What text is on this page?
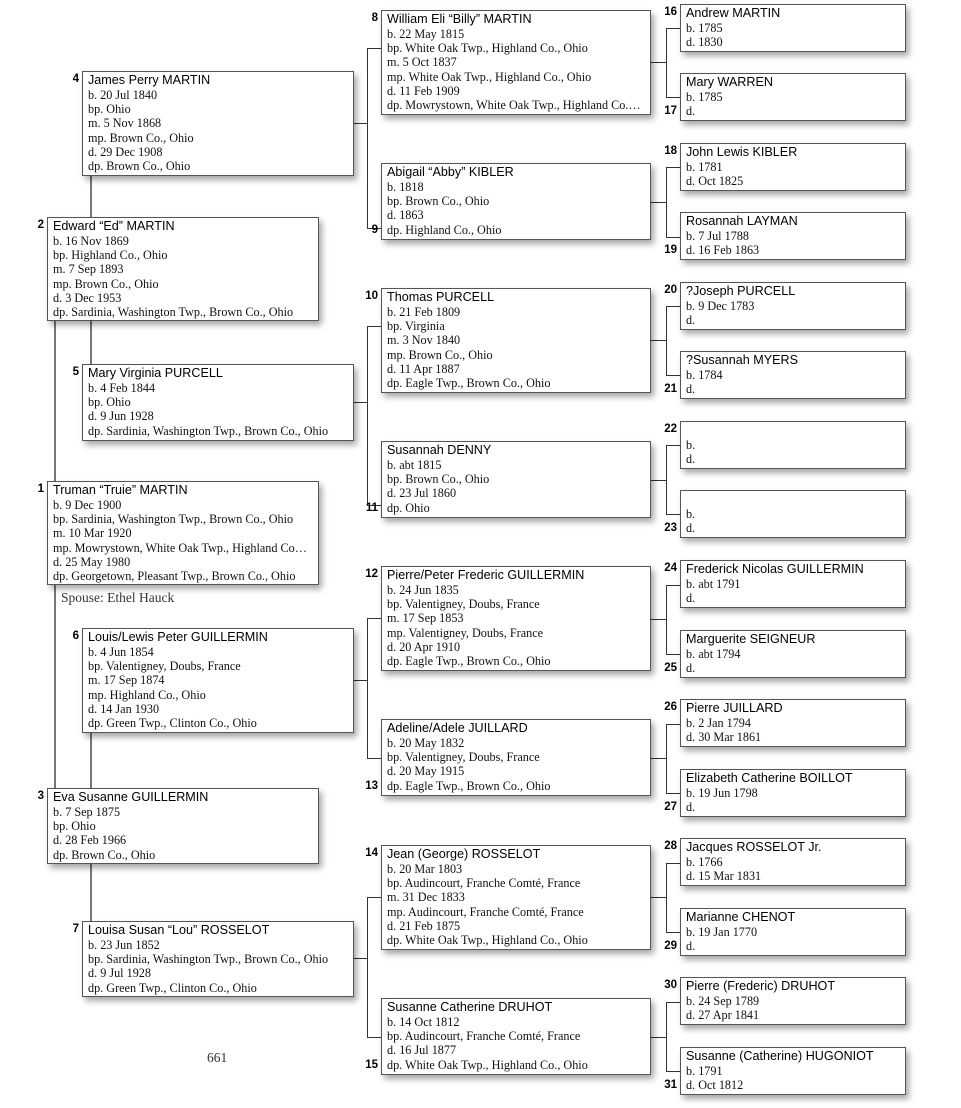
Truman “Truie” MARTIN
b. 9 Dec 1900
bp. Sardinia, Washington Twp., Brown Co., Ohio
m. 10 Mar 1920
mp. Mowrystown, White Oak Twp., Highland Co…
d. 25 May 1980
dp. Georgetown, Pleasant Twp., Brown Co., Ohio
1
Edward “Ed” MARTIN
b. 16 Nov 1869
bp. Highland Co., Ohio
m. 7 Sep 1893
mp. Brown Co., Ohio
d. 3 Dec 1953
dp. Sardinia, Washington Twp., Brown Co., Ohio
2
Eva Susanne GUILLERMIN
b. 7 Sep 1875
bp. Ohio
d. 28 Feb 1966
dp. Brown Co., Ohio
3
James Perry MARTIN
b. 20 Jul 1840
bp. Ohio
m. 5 Nov 1868
mp. Brown Co., Ohio
d. 29 Dec 1908
dp. Brown Co., Ohio
4
Mary Virginia PURCELL
b. 4 Feb 1844
bp. Ohio
d. 9 Jun 1928
dp. Sardinia, Washington Twp., Brown Co., Ohio
5
Louis/Lewis Peter GUILLERMIN
b. 4 Jun 1854
bp. Valentigney, Doubs, France
m. 17 Sep 1874
mp. Highland Co., Ohio
d. 14 Jan 1930
dp. Green Twp., Clinton Co., Ohio
6
Louisa Susan “Lou” ROSSELOT
b. 23 Jun 1852
bp. Sardinia, Washington Twp., Brown Co., Ohio
d. 9 Jul 1928
dp. Green Twp., Clinton Co., Ohio
7
William Eli “Billy” MARTIN
b. 22 May 1815
bp. White Oak Twp., Highland Co., Ohio
m. 5 Oct 1837
mp. White Oak Twp., Highland Co., Ohio
d. 11 Feb 1909
dp. Mowrystown, White Oak Twp., Highland Co.…
8
Abigail “Abby” KIBLER
b. 1818
bp. Brown Co., Ohio
d. 1863
dp. Highland Co., Ohio
9
Thomas PURCELL
b. 21 Feb 1809
bp. Virginia
m. 3 Nov 1840
mp. Brown Co., Ohio
d. 11 Apr 1887
dp. Eagle Twp., Brown Co., Ohio
10
Susannah DENNY
b. abt 1815
bp. Brown Co., Ohio
d. 23 Jul 1860
dp. Ohio
11
Pierre/Peter Frederic GUILLERMIN
b. 24 Jun 1835
bp. Valentigney, Doubs, France
m. 17 Sep 1853
mp. Valentigney, Doubs, France
d. 20 Apr 1910
dp. Eagle Twp., Brown Co., Ohio
12
Adeline/Adele JUILLARD
b. 20 May 1832
bp. Valentigney, Doubs, France
d. 20 May 1915
dp. Eagle Twp., Brown Co., Ohio
13
Jean (George) ROSSELOT
b. 20 Mar 1803
bp. Audincourt, Franche Comté, France
m. 31 Dec 1833
mp. Audincourt, Franche Comté, France
d. 21 Feb 1875
dp. White Oak Twp., Highland Co., Ohio
14
Susanne Catherine DRUHOT
b. 14 Oct 1812
bp. Audincourt, Franche Comté, France
d. 16 Jul 1877
dp. White Oak Twp., Highland Co., Ohio
15
Andrew MARTIN
b. 1785
d. 1830
16
Mary WARREN
b. 1785
d.
17
John Lewis KIBLER
b. 1781
d. Oct 1825
18
Rosannah LAYMAN
b. 7 Jul 1788
d. 16 Feb 1863
19
?Joseph PURCELL
b. 9 Dec 1783
d.
20
?Susannah MYERS
b. 1784
d.
21

b.
d.
22

b.
d.
23
Frederick Nicolas GUILLERMIN
b. abt 1791
d.
24
Marguerite SEIGNEUR
b. abt 1794
d.
25
Pierre JUILLARD
b. 2 Jan 1794
d. 30 Mar 1861
26
Elizabeth Catherine BOILLOT
b. 19 Jun 1798
d.
27
Jacques ROSSELOT Jr.
b. 1766
d. 15 Mar 1831
28
Marianne CHENOT
b. 19 Jan 1770
d.
29
Pierre (Frederic) DRUHOT
b. 24 Sep 1789
d. 27 Apr 1841
30
Susanne (Catherine) HUGONIOT
b. 1791
d. Oct 1812
31
Spouse: Ethel Hauck
661
